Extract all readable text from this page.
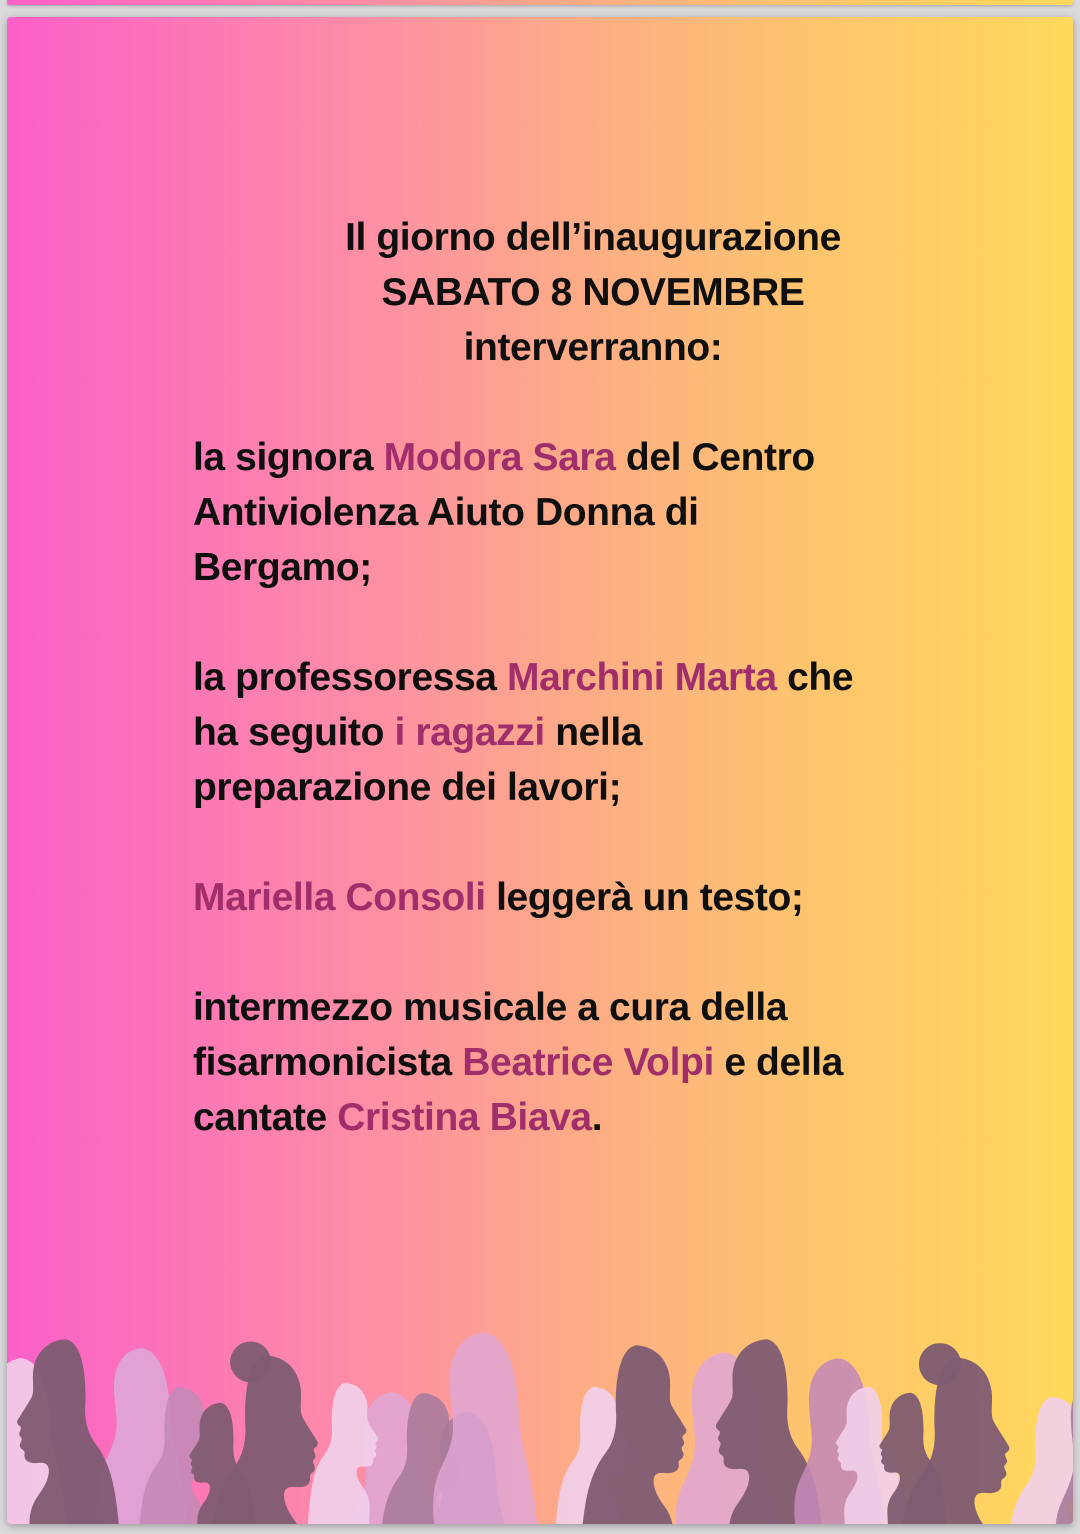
Il giorno dell’inaugurazione
SABATO 8 NOVEMBRE
interverranno:
la signora Modora Sara del Centro
Antiviolenza Aiuto Donna di
Bergamo;
la professoressa Marchini Marta che
ha seguito i ragazzi nella
preparazione dei lavori;
Mariella Consoli leggerà un testo;
intermezzo musicale a cura della
fisarmonicista Beatrice Volpi e della
cantate Cristina Biava.
